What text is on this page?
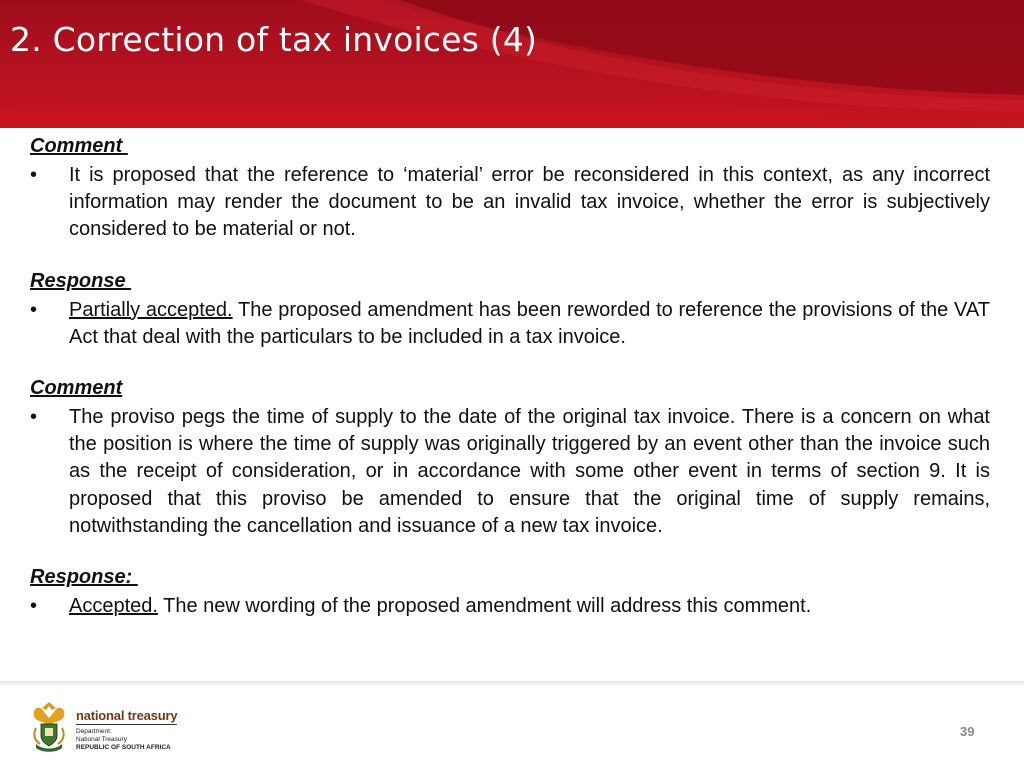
2. Correction of tax invoices (4)
Comment
• It is proposed that the reference to ‘material’ error be reconsidered in this context, as any incorrect information may render the document to be an invalid tax invoice, whether the error is subjectively considered to be material or not.
Response
• Partially accepted. The proposed amendment has been reworded to reference the provisions of the VAT Act that deal with the particulars to be included in a tax invoice.
Comment
• The proviso pegs the time of supply to the date of the original tax invoice. There is a concern on what the position is where the time of supply was originally triggered by an event other than the invoice such as the receipt of consideration, or in accordance with some other event in terms of section 9. It is proposed that this proviso be amended to ensure that the original time of supply remains, notwithstanding the cancellation and issuance of a new tax invoice.
Response:
• Accepted. The new wording of the proposed amendment will address this comment.
national treasury
Department:
National Treasury
REPUBLIC OF SOUTH AFRICA
39
